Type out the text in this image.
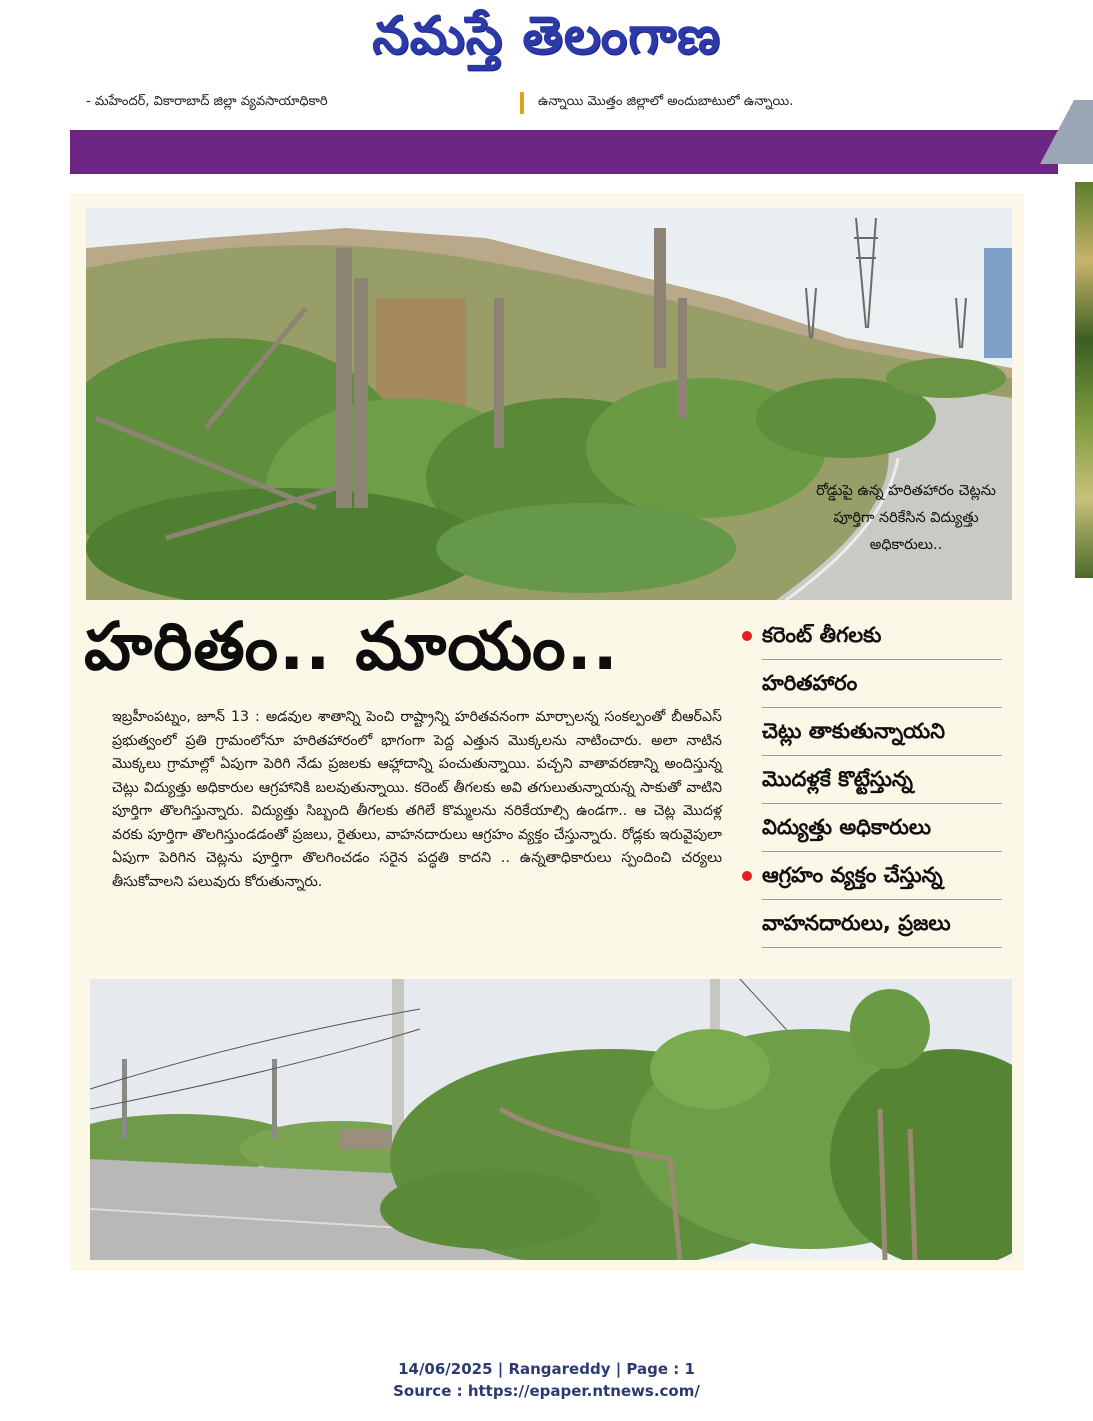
నమస్తే తెలంగాణ
- మహేందర్, వికారాబాద్ జిల్లా వ్యవసాయాధికారి	ఉన్నాయి మొత్తం జిల్లాలో అందుబాటులో ఉన్నాయి.
రోడ్డుపై ఉన్న హరితహారం చెట్లను పూర్తిగా నరికేసిన విద్యుత్తు అధికారులు..
హరితం.. మాయం..
ఇబ్రహీంపట్నం, జూన్ 13 : అడవుల శాతాన్ని పెంచి రాష్ట్రాన్ని హరితవనంగా మార్చాలన్న సంకల్పంతో బీఆర్ఎస్ ప్రభుత్వంలో ప్రతి గ్రామంలోనూ హరితహారంలో భాగంగా పెద్ద ఎత్తున మొక్కలను నాటించారు. అలా నాటిన మొక్కలు గ్రామాల్లో ఏపుగా పెరిగి నేడు ప్రజలకు ఆహ్లాదాన్ని పంచుతున్నాయి. పచ్చని వాతావరణాన్ని అందిస్తున్న చెట్లు విద్యుత్తు అధికారుల ఆగ్రహానికి బలవుతున్నాయి. కరెంట్ తీగలకు అవి తగులుతున్నాయన్న సాకుతో వాటిని పూర్తిగా తొలగిస్తున్నారు. విద్యుత్తు సిబ్బంది తీగలకు తగిలే కొమ్మలను నరికేయాల్సి ఉండగా.. ఆ చెట్ల మొదళ్ల వరకు పూర్తిగా తొలగిస్తుండడంతో ప్రజలు, రైతులు, వాహనదారులు ఆగ్రహం వ్యక్తం చేస్తున్నారు. రోడ్లకు ఇరువైపులా ఏపుగా పెరిగిన చెట్లను పూర్తిగా తొలగించడం సరైన పద్ధతి కాదని .. ఉన్నతాధికారులు స్పందించి చర్యలు తీసుకోవాలని పలువురు కోరుతున్నారు.
కరెంట్ తీగలకు
హరితహారం
చెట్లు తాకుతున్నాయని
మొదళ్లకే కొట్టేస్తున్న
విద్యుత్తు అధికారులు
ఆగ్రహం వ్యక్తం చేస్తున్న
వాహనదారులు, ప్రజలు
14/06/2025 | Rangareddy | Page : 1
Source : https://epaper.ntnews.com/
